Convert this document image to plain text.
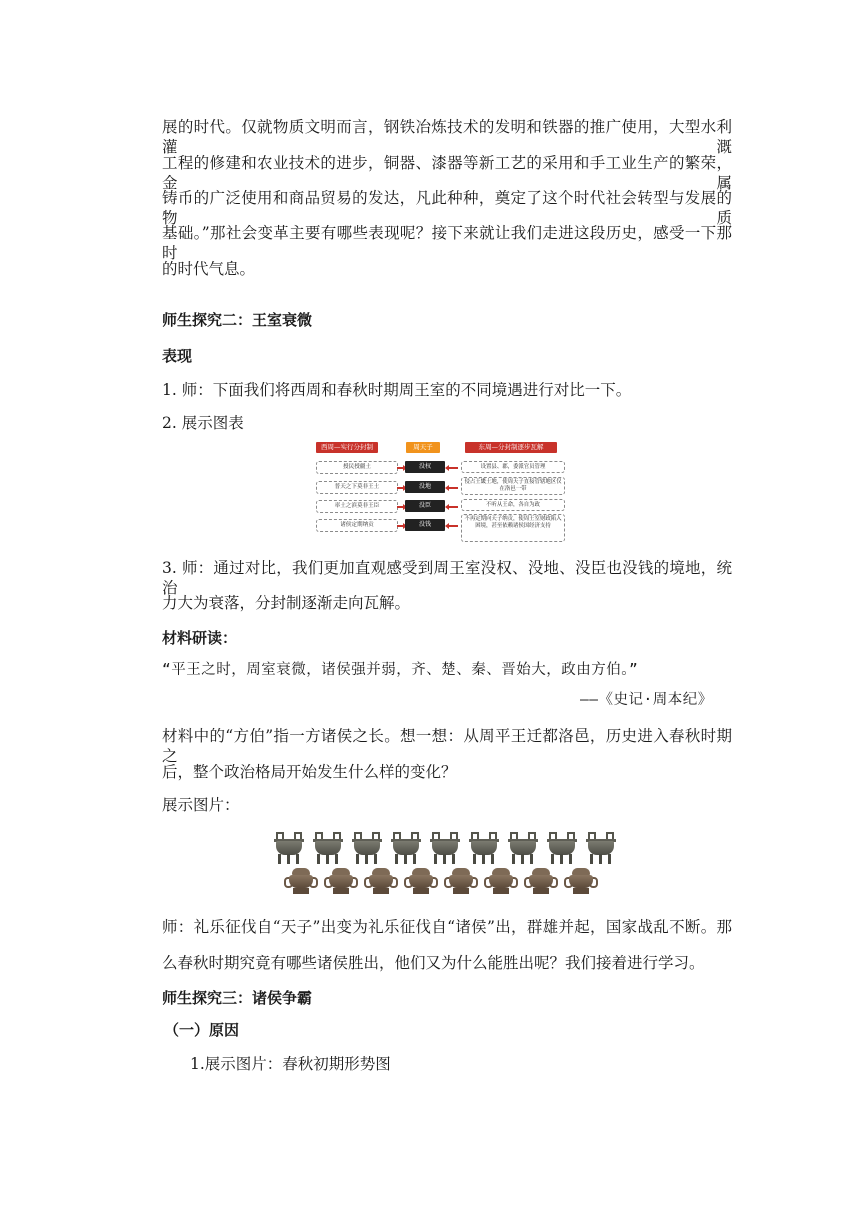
展的时代。仅就物质文明而言，钢铁冶炼技术的发明和铁器的推广使用，大型水利灌溉
工程的修建和农业技术的进步，铜器、漆器等新工艺的采用和手工业生产的繁荣，金属
铸币的广泛使用和商品贸易的发达，凡此种种，奠定了这个时代社会转型与发展的物质
基础。”那社会变革主要有哪些表现呢？接下来就让我们走进这段历史，感受一下那时
的时代气息。
师生探究二：王室衰微
表现
1. 师：下面我们将西周和春秋时期周王室的不同境遇进行对比一下。
2. 展示图表
西周—实行分封制	周天子	东周—分封制逐步瓦解
授民授疆土
普天之下莫非王土
率土之滨莫非王臣
诸侯定期纳贡
没权
没地
没臣
没钱
设置县、郡，委派官员管理
侵占王畿土地，使周天子直接管辖地区仅在洛邑一带
不听从王命，各自为政
不再定期向天子纳贡，使周王室财政陷入困境，甚至依赖诸侯国经济支持
3. 师：通过对比，我们更加直观感受到周王室没权、没地、没臣也没钱的境地，统治
力大为衰落，分封制逐渐走向瓦解。
材料研读：
“平王之时，周室衰微，诸侯强并弱，齐、楚、秦、晋始大，政由方伯。”
——《史记·周本纪》
材料中的“方伯”指一方诸侯之长。想一想：从周平王迁都洛邑，历史进入春秋时期之
后，整个政治格局开始发生什么样的变化？
展示图片：
师：礼乐征伐自“天子”出变为礼乐征伐自“诸侯”出，群雄并起，国家战乱不断。那
么春秋时期究竟有哪些诸侯胜出，他们又为什么能胜出呢？我们接着进行学习。
师生探究三：诸侯争霸
（一）原因
1.展示图片：春秋初期形势图
